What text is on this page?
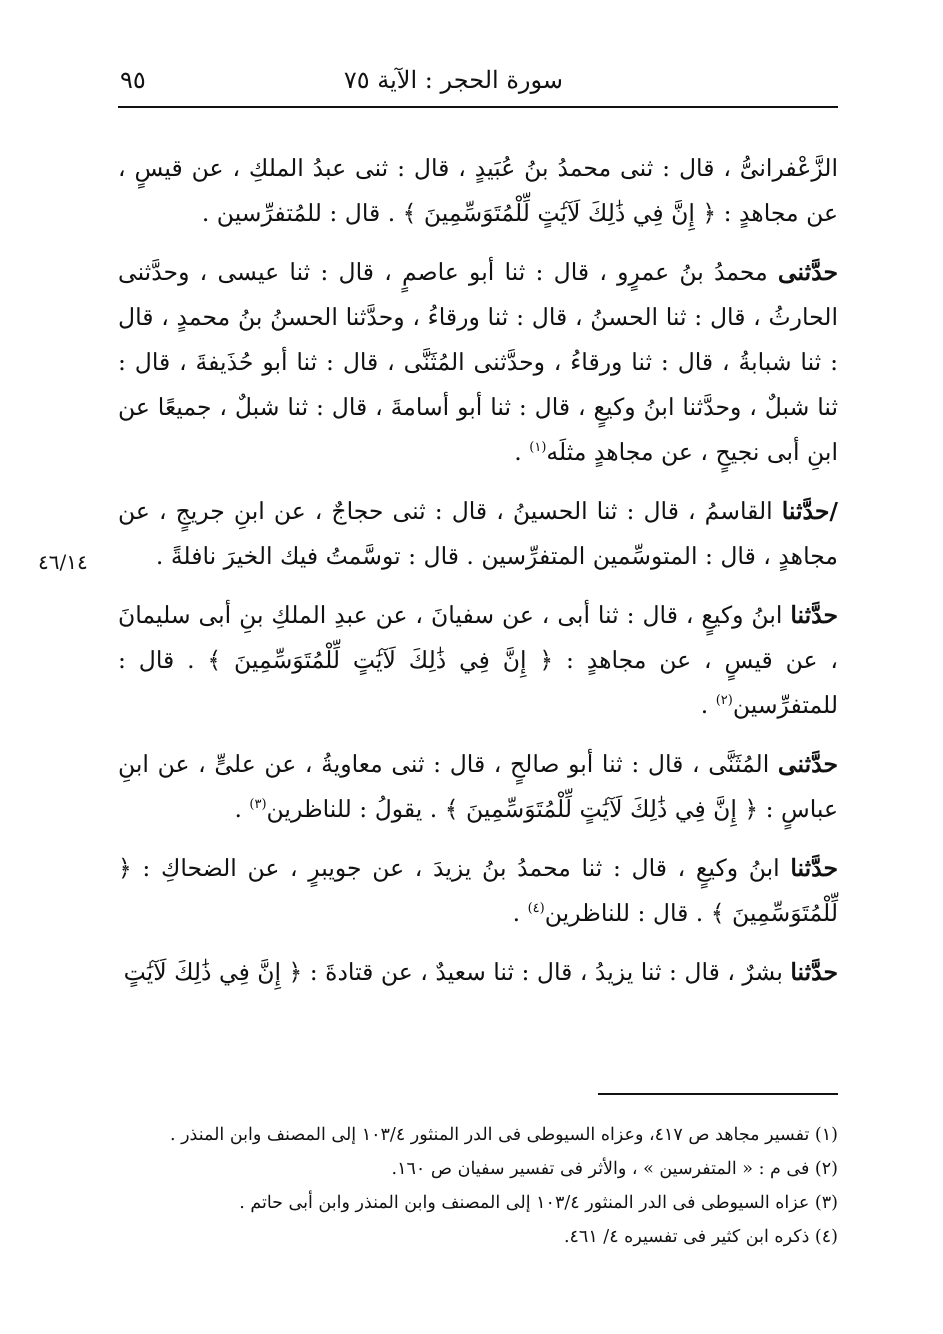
سورة الحجر : الآية ٧٥
٩٥
٤٦/١٤

الزَّعْفرانىُّ ، قال : ثنى محمدُ بنُ عُبَيدٍ ، قال : ثنى عبدُ الملكِ ، عن قيسٍ ، عن مجاهدٍ : ﴿ إِنَّ فِي ذَٰلِكَ لَآيَٰتٍ لِّلْمُتَوَسِّمِينَ ﴾ . قال : للمُتفرِّسين .

حدَّثنى محمدُ بنُ عمرٍو ، قال : ثنا أبو عاصمٍ ، قال : ثنا عيسى ، وحدَّثنى الحارثُ ، قال : ثنا الحسنُ ، قال : ثنا ورقاءُ ، وحدَّثنا الحسنُ بنُ محمدٍ ، قال : ثنا شبابةُ ، قال : ثنا ورقاءُ ، وحدَّثنى المُثَنَّى ، قال : ثنا أبو حُذَيفةَ ، قال : ثنا شبلٌ ، وحدَّثنا ابنُ وكيعٍ ، قال : ثنا أبو أسامةَ ، قال : ثنا شبلٌ ، جميعًا عن ابنِ أبى نجيحٍ ، عن مجاهدٍ مثلَه$^{(١)}$ .

/حدَّثنا القاسمُ ، قال : ثنا الحسينُ ، قال : ثنى حجاجٌ ، عن ابنِ جريجٍ ، عن مجاهدٍ ، قال : المتوسِّمين المتفرِّسين . قال : توسَّمتُ فيك الخيرَ نافلةً .

حدَّثنا ابنُ وكيعٍ ، قال : ثنا أبى ، عن سفيانَ ، عن عبدِ الملكِ بنِ أبى سليمانَ ، عن قيسٍ ، عن مجاهدٍ : ﴿ إِنَّ فِي ذَٰلِكَ لَآيَٰتٍ لِّلْمُتَوَسِّمِينَ ﴾ . قال : للمتفرِّسين$^{(٢)}$ .

حدَّثنى المُثَنَّى ، قال : ثنا أبو صالحٍ ، قال : ثنى معاويةُ ، عن علىٍّ ، عن ابنِ عباسٍ : ﴿ إِنَّ فِي ذَٰلِكَ لَآيَٰتٍ لِّلْمُتَوَسِّمِينَ ﴾ . يقولُ : للناظرين$^{(٣)}$ .

حدَّثنا ابنُ وكيعٍ ، قال : ثنا محمدُ بنُ يزيدَ ، عن جويبرٍ ، عن الضحاكِ : ﴿ لِّلْمُتَوَسِّمِينَ ﴾ . قال : للناظرين$^{(٤)}$ .

حدَّثنا بشرٌ ، قال : ثنا يزيدُ ، قال : ثنا سعيدٌ ، عن قتادةَ : ﴿ إِنَّ فِي ذَٰلِكَ لَآيَٰتٍ

(١) تفسير مجاهد ص ٤١٧، وعزاه السيوطى فى الدر المنثور ١٠٣/٤ إلى المصنف وابن المنذر .
(٢) فى م : « المتفرسين » ، والأثر فى تفسير سفيان ص ١٦٠.
(٣) عزاه السيوطى فى الدر المنثور ١٠٣/٤ إلى المصنف وابن المنذر وابن أبى حاتم .
(٤) ذكره ابن كثير فى تفسيره ٤/ ٤٦١.
